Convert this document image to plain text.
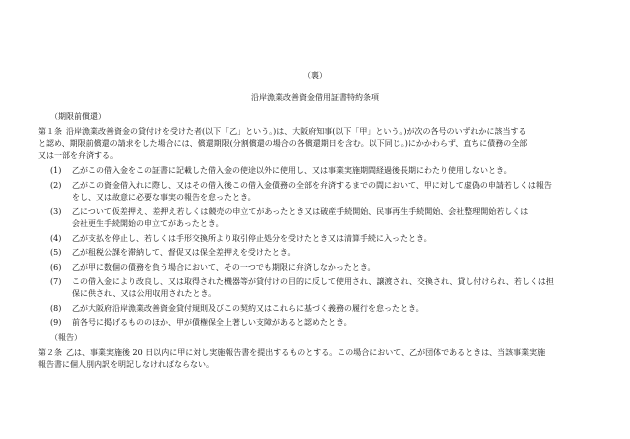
（裏）
沿岸漁業改善資金借用証書特約条項
（期限前償還）
第１条 沿岸漁業改善資金の貸付けを受けた者(以下「乙」という。)は、大阪府知事(以下「甲」という。)が次の各号のいずれかに該当する
と認め、期限前償還の請求をした場合には、償還期限(分割償還の場合の各償還期日を含む。以下同じ。)にかかわらず、直ちに債務の全部
又は一部を弁済する。
(1)	乙がこの借入金をこの証書に記載した借入金の使途以外に使用し、又は事業実施期間経過後長期にわたり使用しないとき。
(2)	乙がこの資金借入れに際し、又はその借入後この借入金債務の全部を弁済するまでの間において、甲に対して虚偽の申請若しくは報告
をし、又は故意に必要な事実の報告を怠ったとき。
(3)	乙について仮差押え、差押え若しくは競売の申立てがあったとき又は破産手続開始、民事再生手続開始、会社整理開始若しくは
会社更生手続開始の申立てがあったとき。
(4)	乙が支払を停止し、若しくは手形交換所より取引停止処分を受けたとき又は清算手続に入ったとき。
(5)	乙が租税公課を滞納して、督促又は保全差押えを受けたとき。
(6)	乙が甲に数個の債務を負う場合において、その一つでも期限に弁済しなかったとき。
(7)	この借入金により改良し、又は取得された機器等が貸付けの目的に反して使用され、譲渡され、交換され、貸し付けられ、若しくは担
保に供され、又は公用収用されたとき。
(8)	乙が大阪府沿岸漁業改善資金貸付規則及びこの契約又はこれらに基づく義務の履行を怠ったとき。
(9)	前各号に掲げるもののほか、甲が債権保全上著しい支障があると認めたとき。
（報告）
第２条 乙は、事業実施後 20 日以内に甲に対し実施報告書を提出するものとする。この場合において、乙が団体であるときは、当該事業実施
報告書に個人別内訳を明記しなければならない。
